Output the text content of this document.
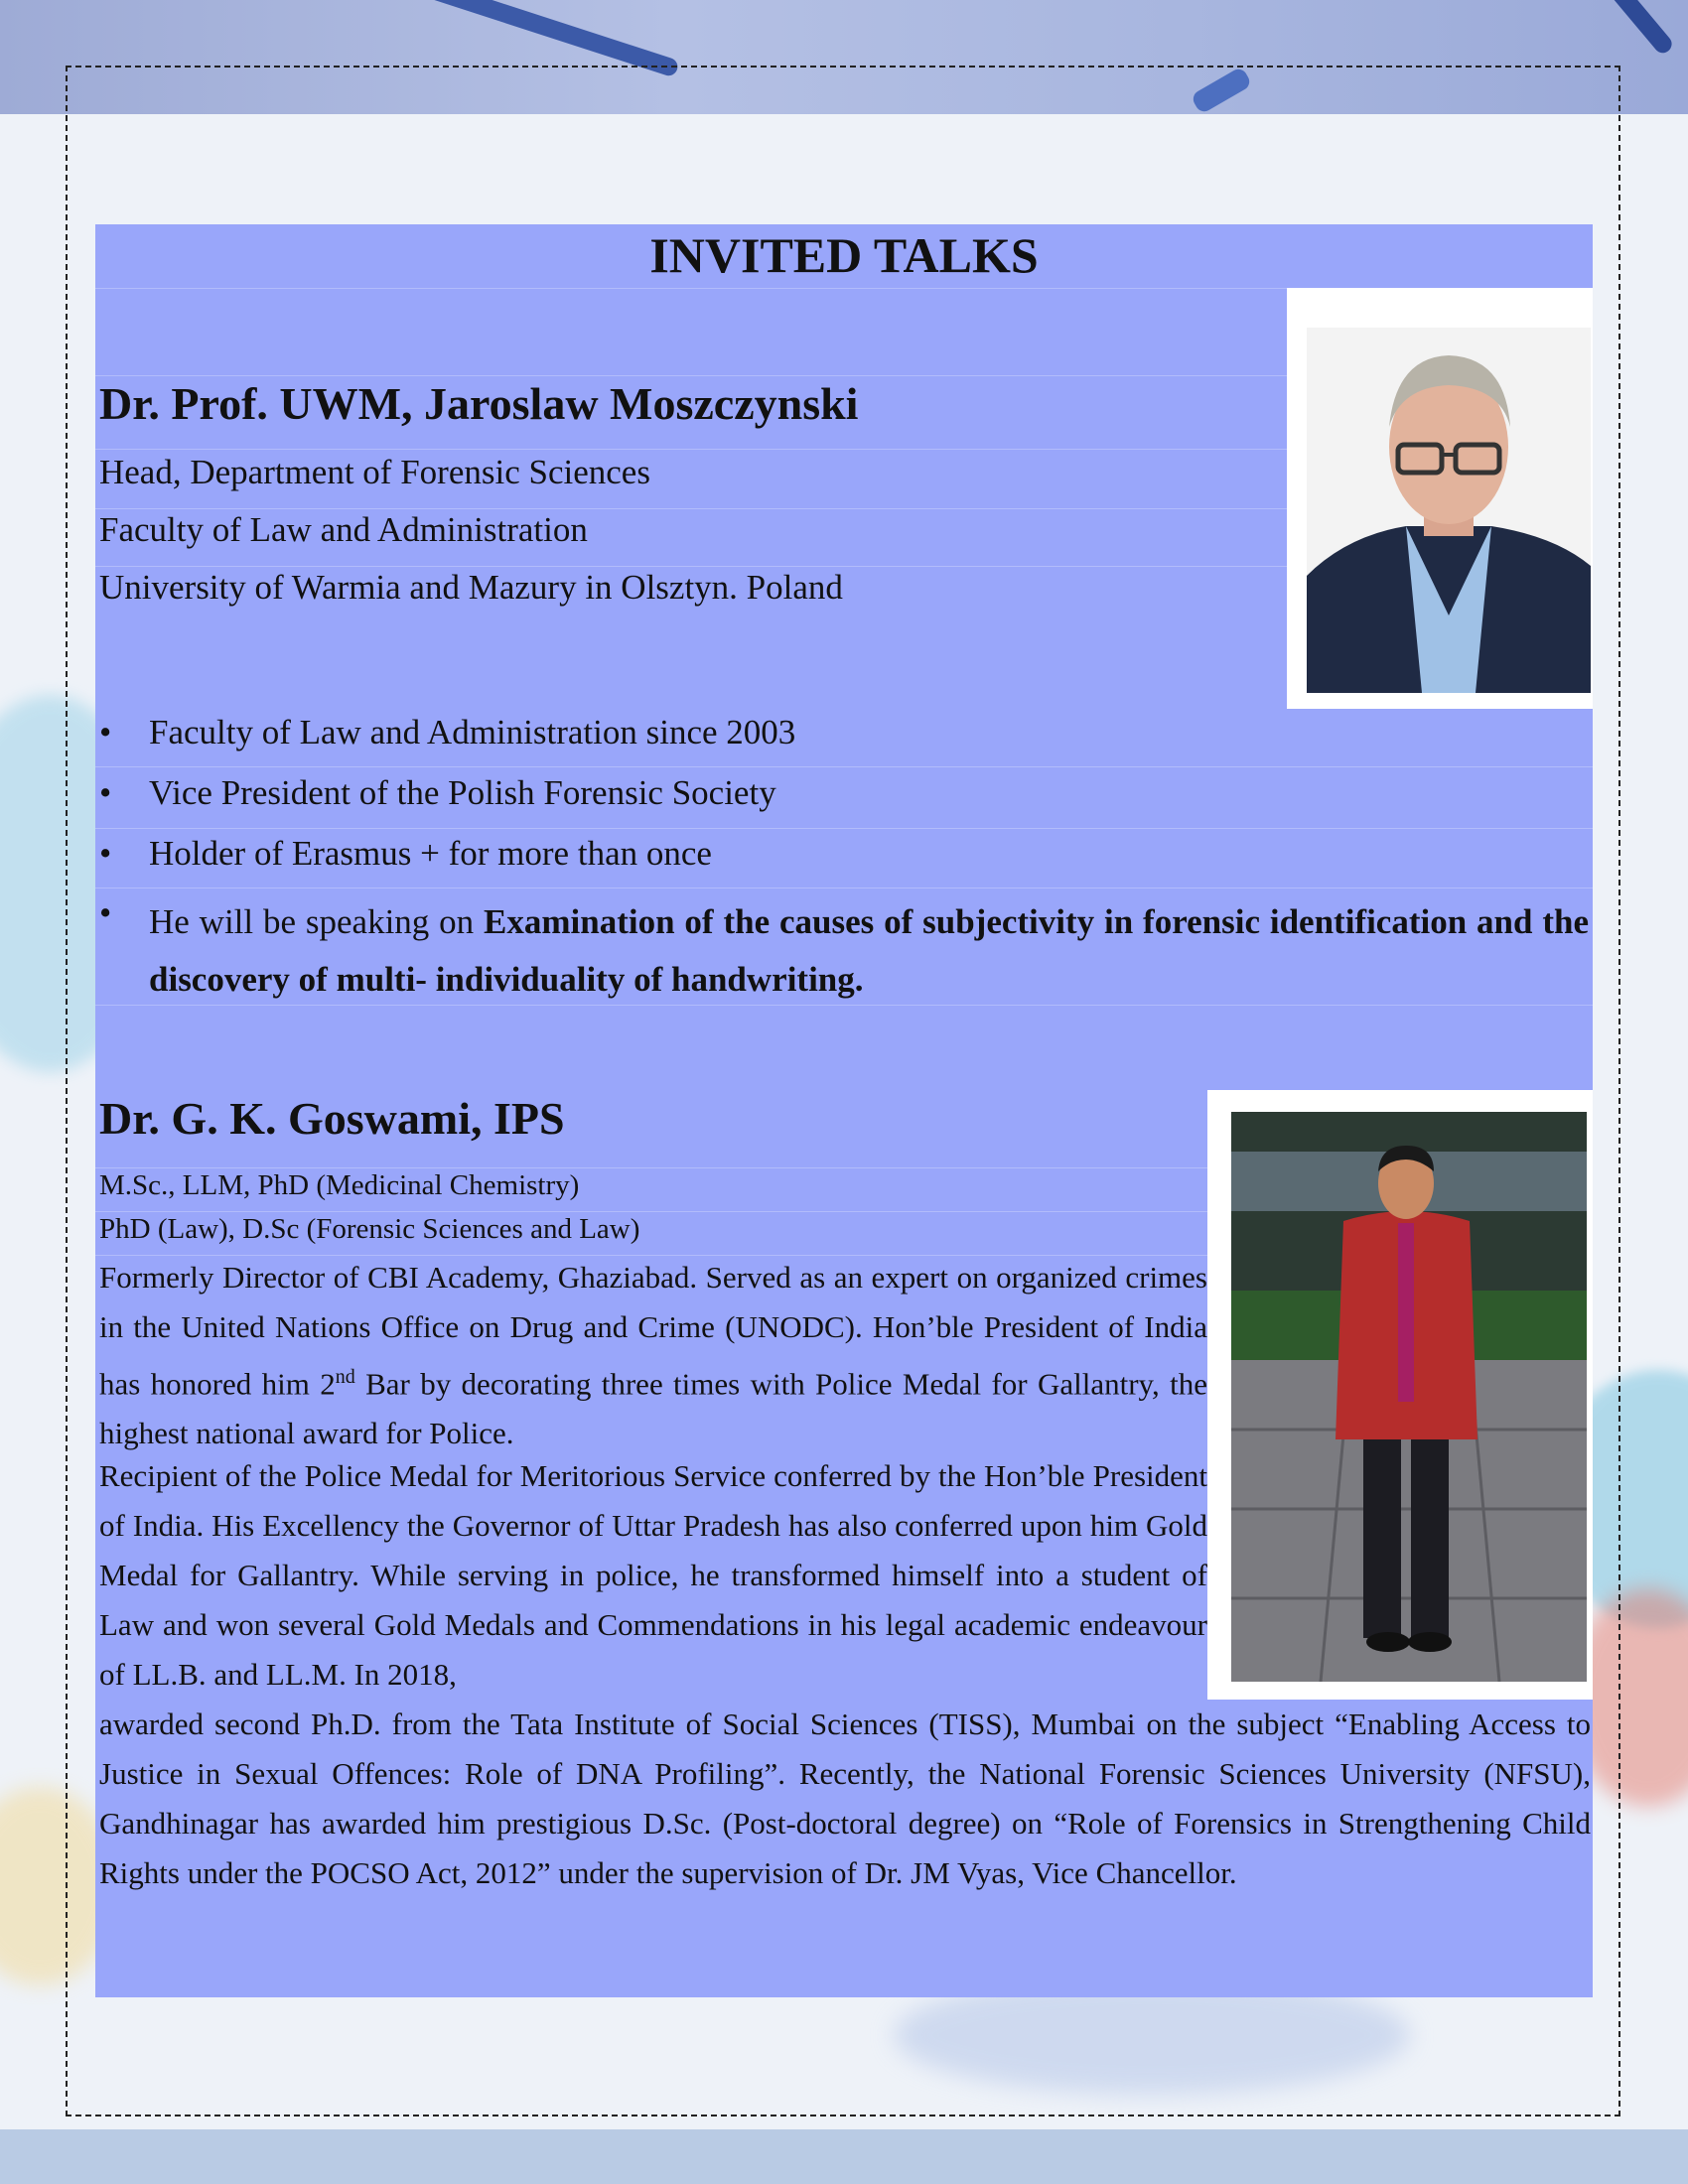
INVITED TALKS
Dr. Prof. UWM, Jaroslaw Moszczynski
Head, Department of Forensic Sciences
Faculty of Law and Administration
University of Warmia and Mazury in Olsztyn. Poland
• Faculty of Law and Administration since 2003
• Vice President of the Polish Forensic Society
• Holder of Erasmus + for more than once
• He will be speaking on Examination of the causes of subjectivity in forensic identification and the discovery of multi- individuality of handwriting.
Dr. G. K. Goswami, IPS
M.Sc., LLM, PhD (Medicinal Chemistry)
PhD (Law), D.Sc (Forensic Sciences and Law)
Formerly Director of CBI Academy, Ghaziabad. Served as an expert on organized crimes in the United Nations Office on Drug and Crime (UNODC). Hon’ble President of India has honored him 2nd Bar by decorating three times with Police Medal for Gallantry, the highest national award for Police.
Recipient of the Police Medal for Meritorious Service conferred by the Hon’ble President of India. His Excellency the Governor of Uttar Pradesh has also conferred upon him Gold Medal for Gallantry. While serving in police, he transformed himself into a student of Law and won several Gold Medals and Commendations in his legal academic endeavour of LL.B. and LL.M. In 2018,
awarded second Ph.D. from the Tata Institute of Social Sciences (TISS), Mumbai on the subject “Enabling Access to Justice in Sexual Offences: Role of DNA Profiling”. Recently, the National Forensic Sciences University (NFSU), Gandhinagar has awarded him prestigious D.Sc. (Post-doctoral degree) on “Role of Forensics in Strengthening Child Rights under the POCSO Act, 2012” under the supervision of Dr. JM Vyas, Vice Chancellor.
